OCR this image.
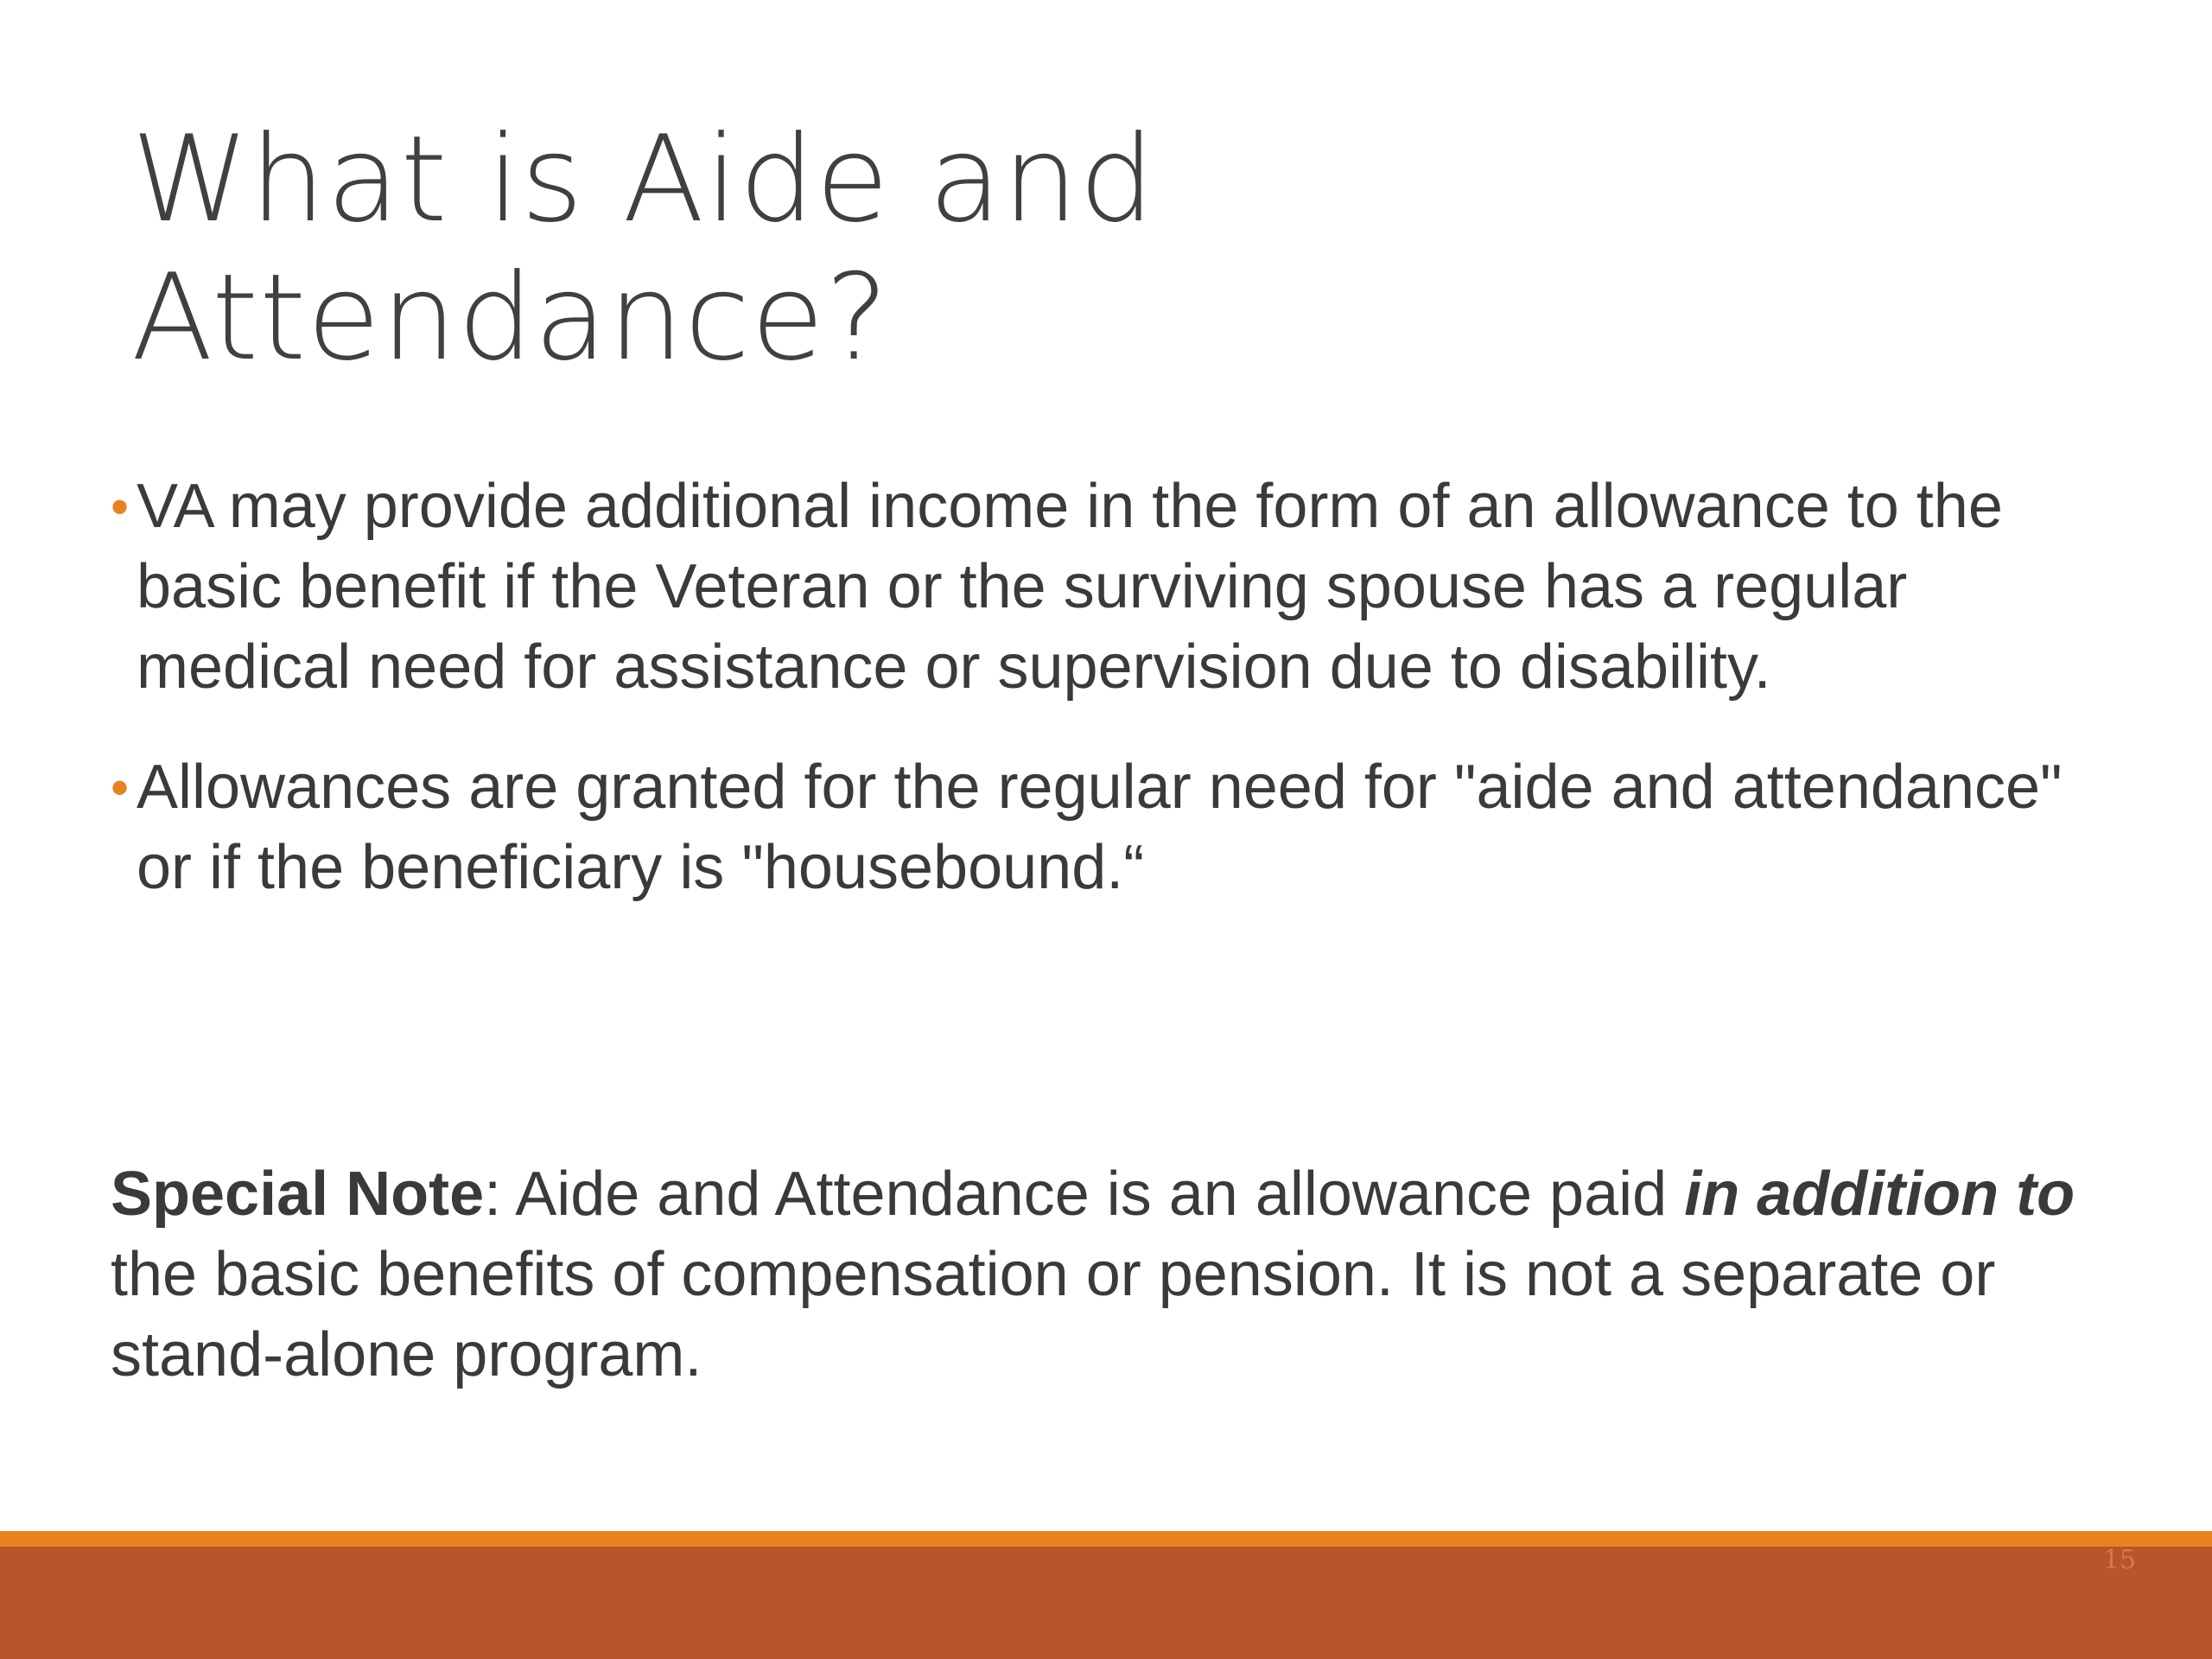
What is Aide and
Attendance?
• VA may provide additional income in the form of an allowance to the basic benefit if the Veteran or the surviving spouse has a regular medical need for assistance or supervision due to disability.
• Allowances are granted for the regular need for "aide and attendance" or if the beneficiary is "housebound.“

Special Note: Aide and Attendance is an allowance paid in addition to the basic benefits of compensation or pension. It is not a separate or stand-alone program.

15
